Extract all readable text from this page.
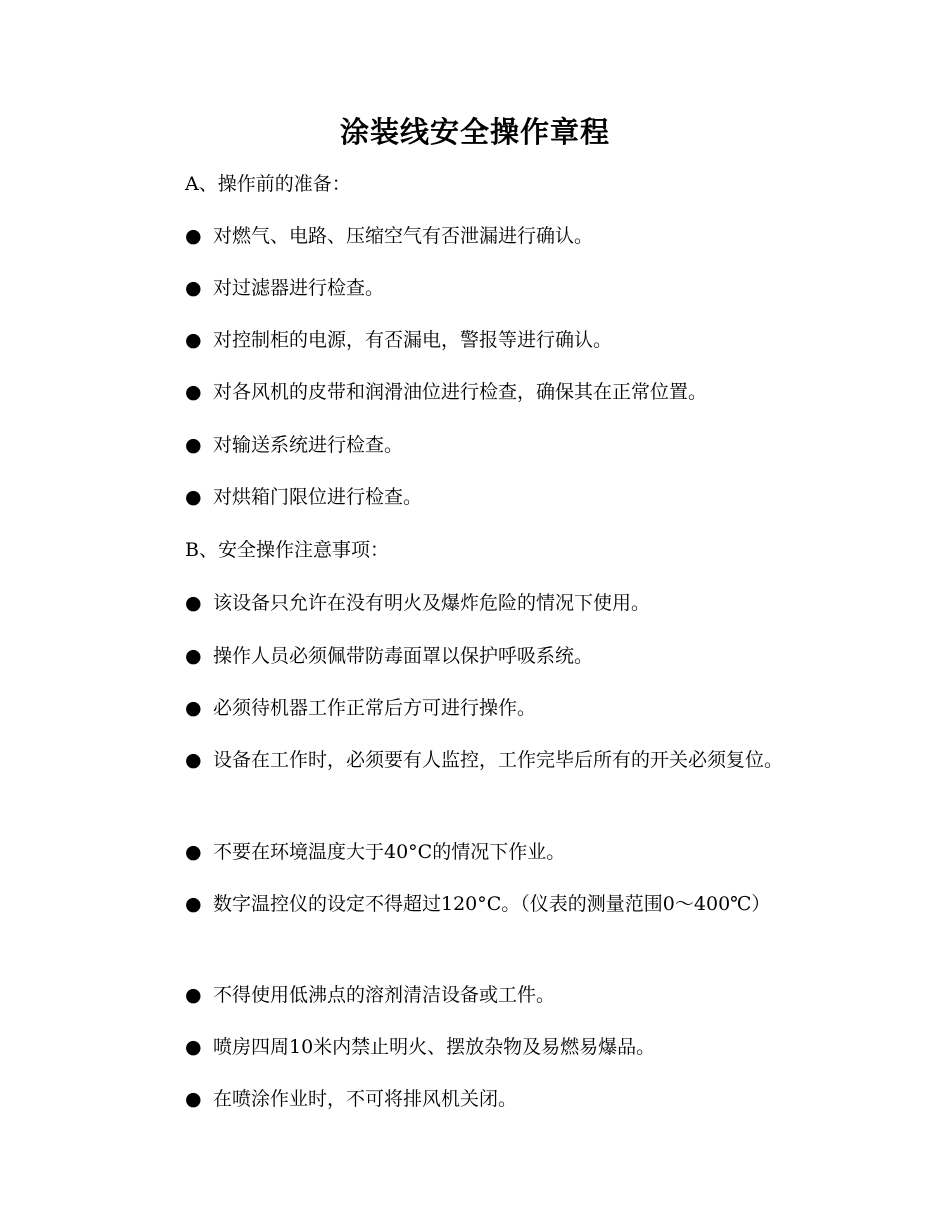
涂装线安全操作章程
A、操作前的准备：
● 对燃气、电路、压缩空气有否泄漏进行确认。
● 对过滤器进行检查。
● 对控制柜的电源，有否漏电，警报等进行确认。
● 对各风机的皮带和润滑油位进行检查，确保其在正常位置。
● 对输送系统进行检查。
● 对烘箱门限位进行检查。
B、安全操作注意事项：
● 该设备只允许在没有明火及爆炸危险的情况下使用。
● 操作人员必须佩带防毒面罩以保护呼吸系统。
● 必须待机器工作正常后方可进行操作。
● 设备在工作时，必须要有人监控，工作完毕后所有的开关必须复位。
● 不要在环境温度大于40°C的情况下作业。
● 数字温控仪的设定不得超过120°C。（仪表的测量范围0～400℃）
● 不得使用低沸点的溶剂清洁设备或工件。
● 喷房四周10米内禁止明火、摆放杂物及易燃易爆品。
● 在喷涂作业时，不可将排风机关闭。
